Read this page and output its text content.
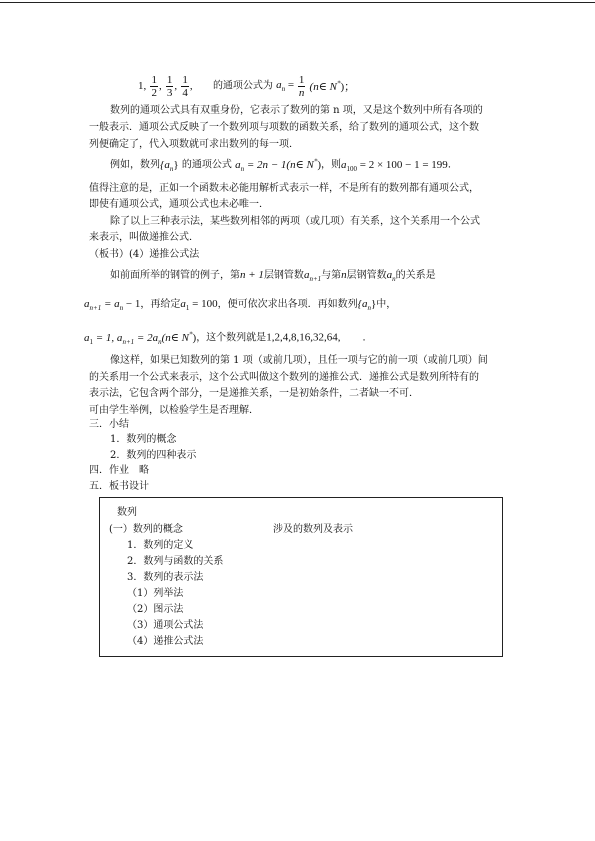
1, $\frac{1}{2}$ , $\frac{1}{3}$ , $\frac{1}{4}$ , 的通项公式为 $a_n = \frac{1}{n}$ (n∈ N*)；
数列的通项公式具有双重身份，它表示了数列的第 n 项，又是这个数列中所有各项的
一般表示．通项公式反映了一个数列项与项数的函数关系，给了数列的通项公式，这个数
列便确定了，代入项数就可求出数列的每一项．
例如，数列$\{a_n\}$ 的通项公式 $a_n = 2n$ − 1(n∈ N*)，则$a_{100} = 2 \times 100 - 1 = 199$．
值得注意的是，正如一个函数未必能用解析式表示一样，不是所有的数列都有通项公式，
即使有通项公式，通项公式也未必唯一．
除了以上三种表示法，某些数列相邻的两项（或几项）有关系，这个关系用一个公式
来表示，叫做递推公式．
（板书）(4）递推公式法
如前面所举的钢管的例子，第n + 1层钢管数$a_{n+1}$与第n层钢管数$a_n$的关系是
$a_{n+1} = a_n - 1$，再给定$a_1 = 100$，便可依次求出各项．再如数列$\{a_n\}$中，
$a_1 = 1$, $a_{n+1}$ = $2a_n(n\in$ N*)，这个数列就是1,2,4,8,16,32,64, ．
像这样，如果已知数列的第 1 项（或前几项），且任一项与它的前一项（或前几项）间
的关系用一个公式来表示，这个公式叫做这个数列的递推公式．递推公式是数列所特有的
表示法，它包含两个部分，一是递推关系，一是初始条件，二者缺一不可．
可由学生举例，以检验学生是否理解．
三．小结
1．数列的概念
2．数列的四种表示
四．作业　略
五．板书设计
数列
(一）数列的概念	涉及的数列及表示
1．数列的定义
2．数列与函数的关系
3．数列的表示法
（1）列举法
（2）图示法
（3）通项公式法
（4）递推公式法
